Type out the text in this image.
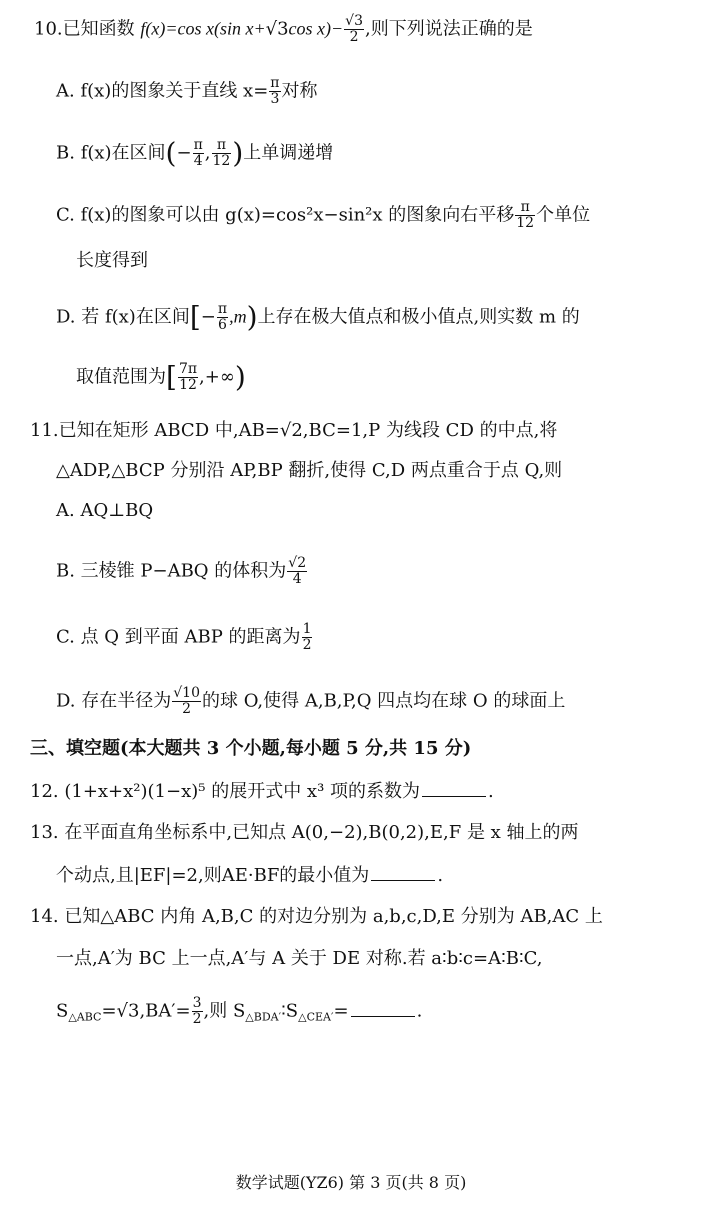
10.已知函数 f(x)=cos x(sin x+√3cos $x)- \frac{√3}{2}$ ,则下列说法正确的是
A. f(x)的图象关于直线 $x= \frac{\pi}{3}$ 对称
B. f(x)在区间(− $\frac{\pi}{4}$ , $\frac{\pi}{12}$ )上单调递增
C. f(x)的图象可以由 g(x)=cos²x−sin²x 的图象向右平移 $\frac{\pi}{12}$ 个单位
长度得到
D. 若 f(x)在区间[− $\frac{\pi}{6} ,m$)上存在极大值点和极小值点,则实数 m 的
取值范围为[ $\frac{7\pi}{12}$ ,+∞)
11.已知在矩形 ABCD 中,AB=√2,BC=1,P 为线段 CD 的中点,将
△ADP,△BCP 分别沿 AP,BP 翻折,使得 C,D 两点重合于点 Q,则
A. AQ⊥BQ
B. 三棱锥 P−ABQ 的体积为 $\frac{√2}{4}$
C. 点 Q 到平面 ABP 的距离为 $\frac{1}{2}$
D. 存在半径为 $\frac{√10}{2}$ 的球 O,使得 A,B,P,Q 四点均在球 O 的球面上
三、填空题(本大题共 3 个小题,每小题 5 分,共 15 分)
12. (1+x+x²)(1−x)⁵ 的展开式中 x³ 项的系数为	.
13. 在平面直角坐标系中,已知点 A(0,−2),B(0,2),E,F 是 x 轴上的两
个动点,且|EF|=2,则AE·BF的最小值为	.
14. 已知△ABC 内角 A,B,C 的对边分别为 a,b,c,D,E 分别为 AB,AC 上
一点,A′为 BC 上一点,A′与 A 关于 DE 对称.若 a∶b∶c=A∶B∶C,
$S_{\triangle ABC}=√3,BA'= \frac{3}{2}$ ,则 $S_{\triangle BDA'}∶S_{\triangle CEA'}=$	.
数学试题(YZ6) 第 3 页(共 8 页)
